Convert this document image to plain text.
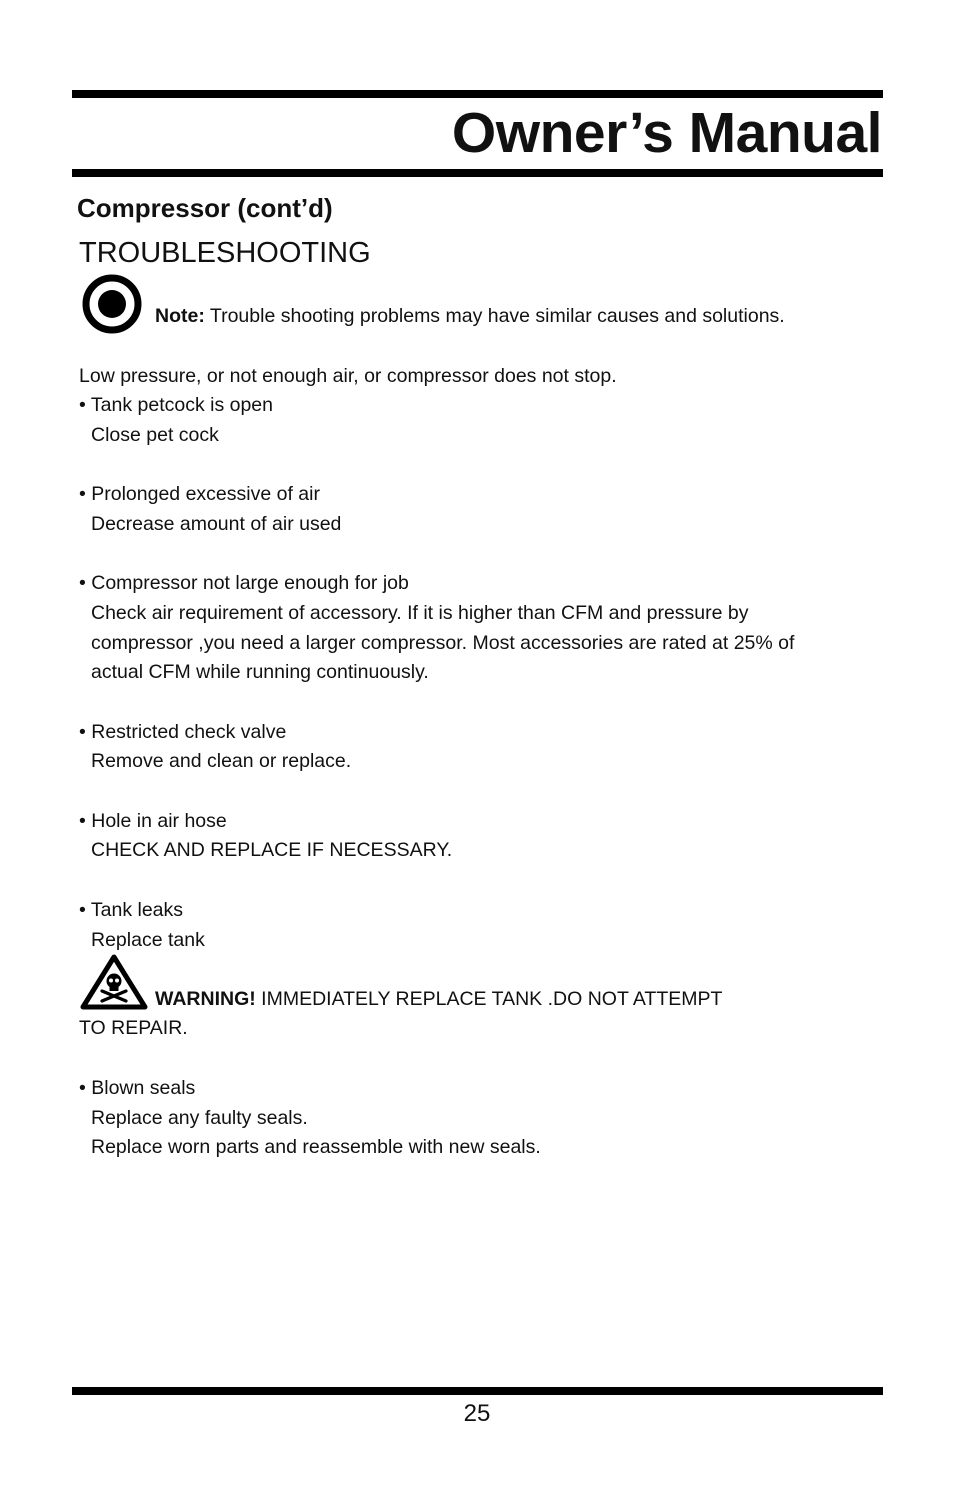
Owner’s Manual
Compressor (cont’d)
TROUBLESHOOTING
Note: Trouble shooting problems may have similar causes and solutions.
Low pressure, or not enough air, or compressor does not stop.
• Tank petcock is open
Close pet cock
• Prolonged excessive of air
Decrease amount of air used
• Compressor not large enough for job
Check air requirement of accessory. If it is higher than CFM and pressure by
compressor ,you need a larger compressor. Most accessories are rated at 25% of
actual CFM while running continuously.
• Restricted check valve
Remove and clean or replace.
• Hole in air hose
CHECK AND REPLACE IF NECESSARY.
• Tank leaks
Replace tank
WARNING! IMMEDIATELY REPLACE TANK .DO NOT ATTEMPT
TO REPAIR.
• Blown seals
Replace any faulty seals.
Replace worn parts and reassemble with new seals.
25
